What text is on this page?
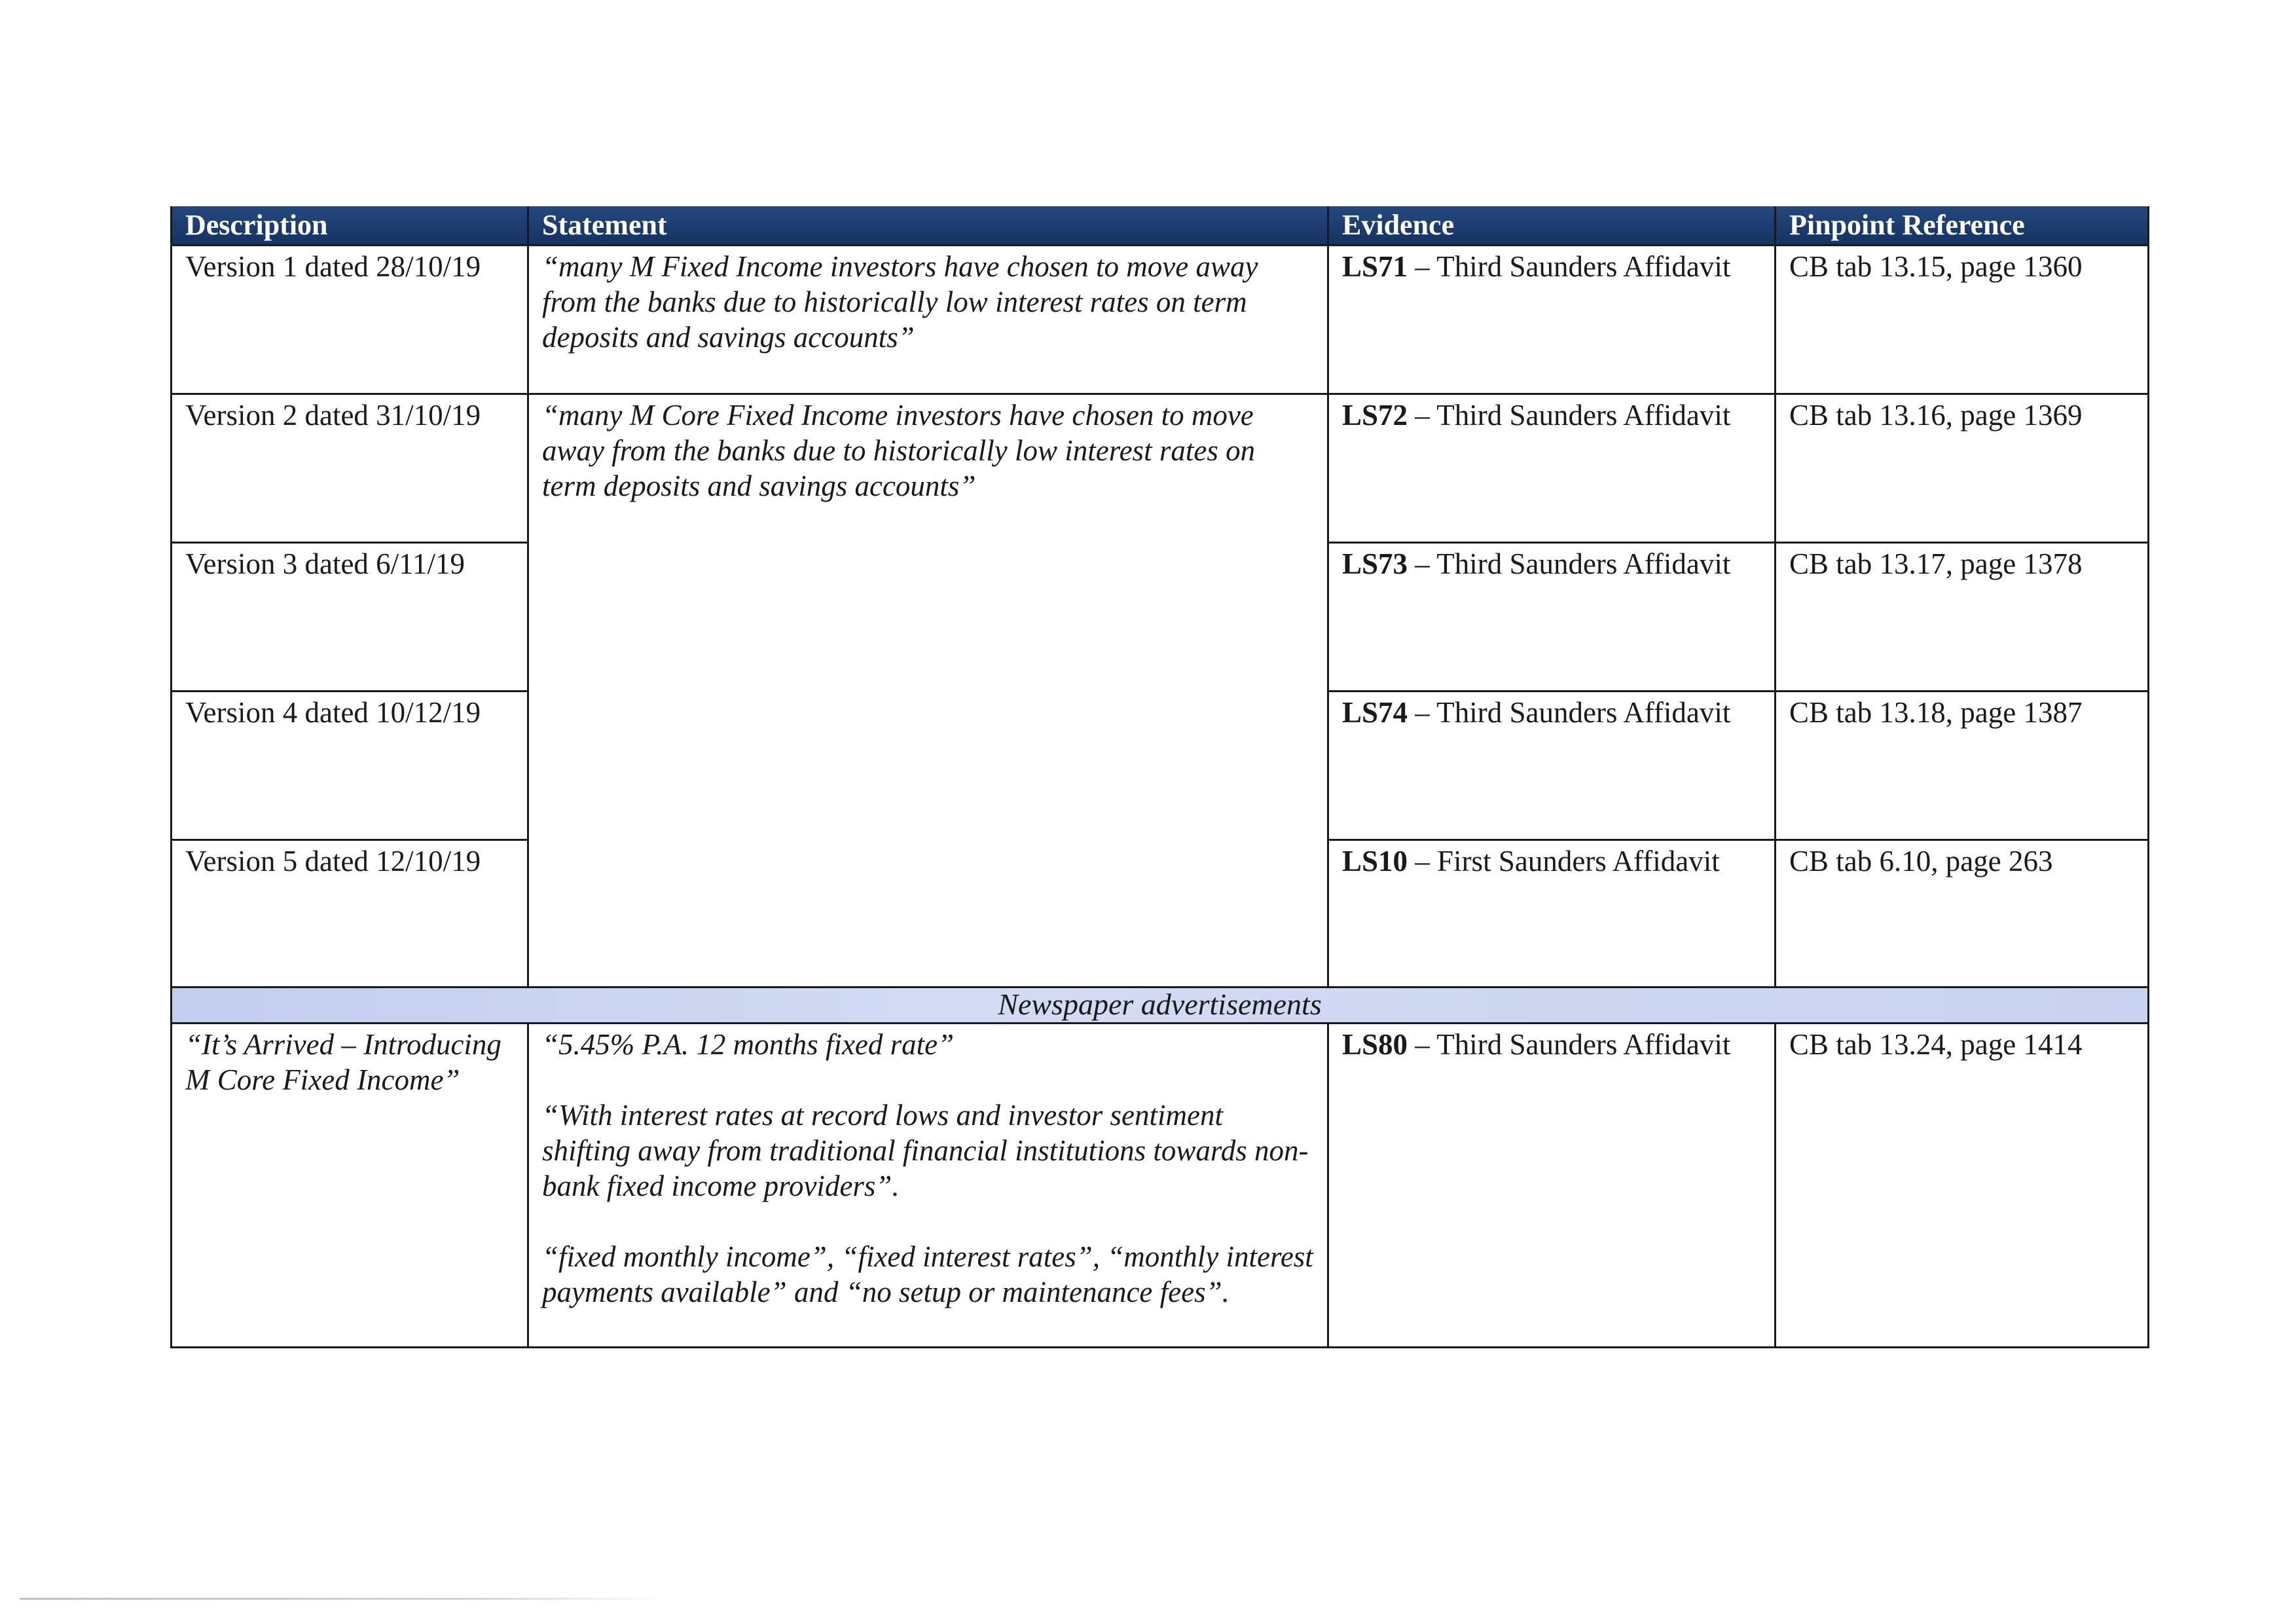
Description	Statement	Evidence	Pinpoint Reference
Version 1 dated 28/10/19	“many M Fixed Income investors have chosen to move away from the banks due to historically low interest rates on term deposits and savings accounts”	LS71 – Third Saunders Affidavit	CB tab 13.15, page 1360
Version 2 dated 31/10/19	“many M Core Fixed Income investors have chosen to move away from the banks due to historically low interest rates on term deposits and savings accounts”	LS72 – Third Saunders Affidavit	CB tab 13.16, page 1369
Version 3 dated 6/11/19		LS73 – Third Saunders Affidavit	CB tab 13.17, page 1378
Version 4 dated 10/12/19		LS74 – Third Saunders Affidavit	CB tab 13.18, page 1387
Version 5 dated 12/10/19		LS10 – First Saunders Affidavit	CB tab 6.10, page 263
Newspaper advertisements			
“It’s Arrived – Introducing M Core Fixed Income”	“5.45% P.A. 12 months fixed rate”

“With interest rates at record lows and investor sentiment shifting away from traditional financial institutions towards non-bank fixed income providers”.

“fixed monthly income”, “fixed interest rates”, “monthly interest payments available” and “no setup or maintenance fees”.	LS80 – Third Saunders Affidavit	CB tab 13.24, page 1414
